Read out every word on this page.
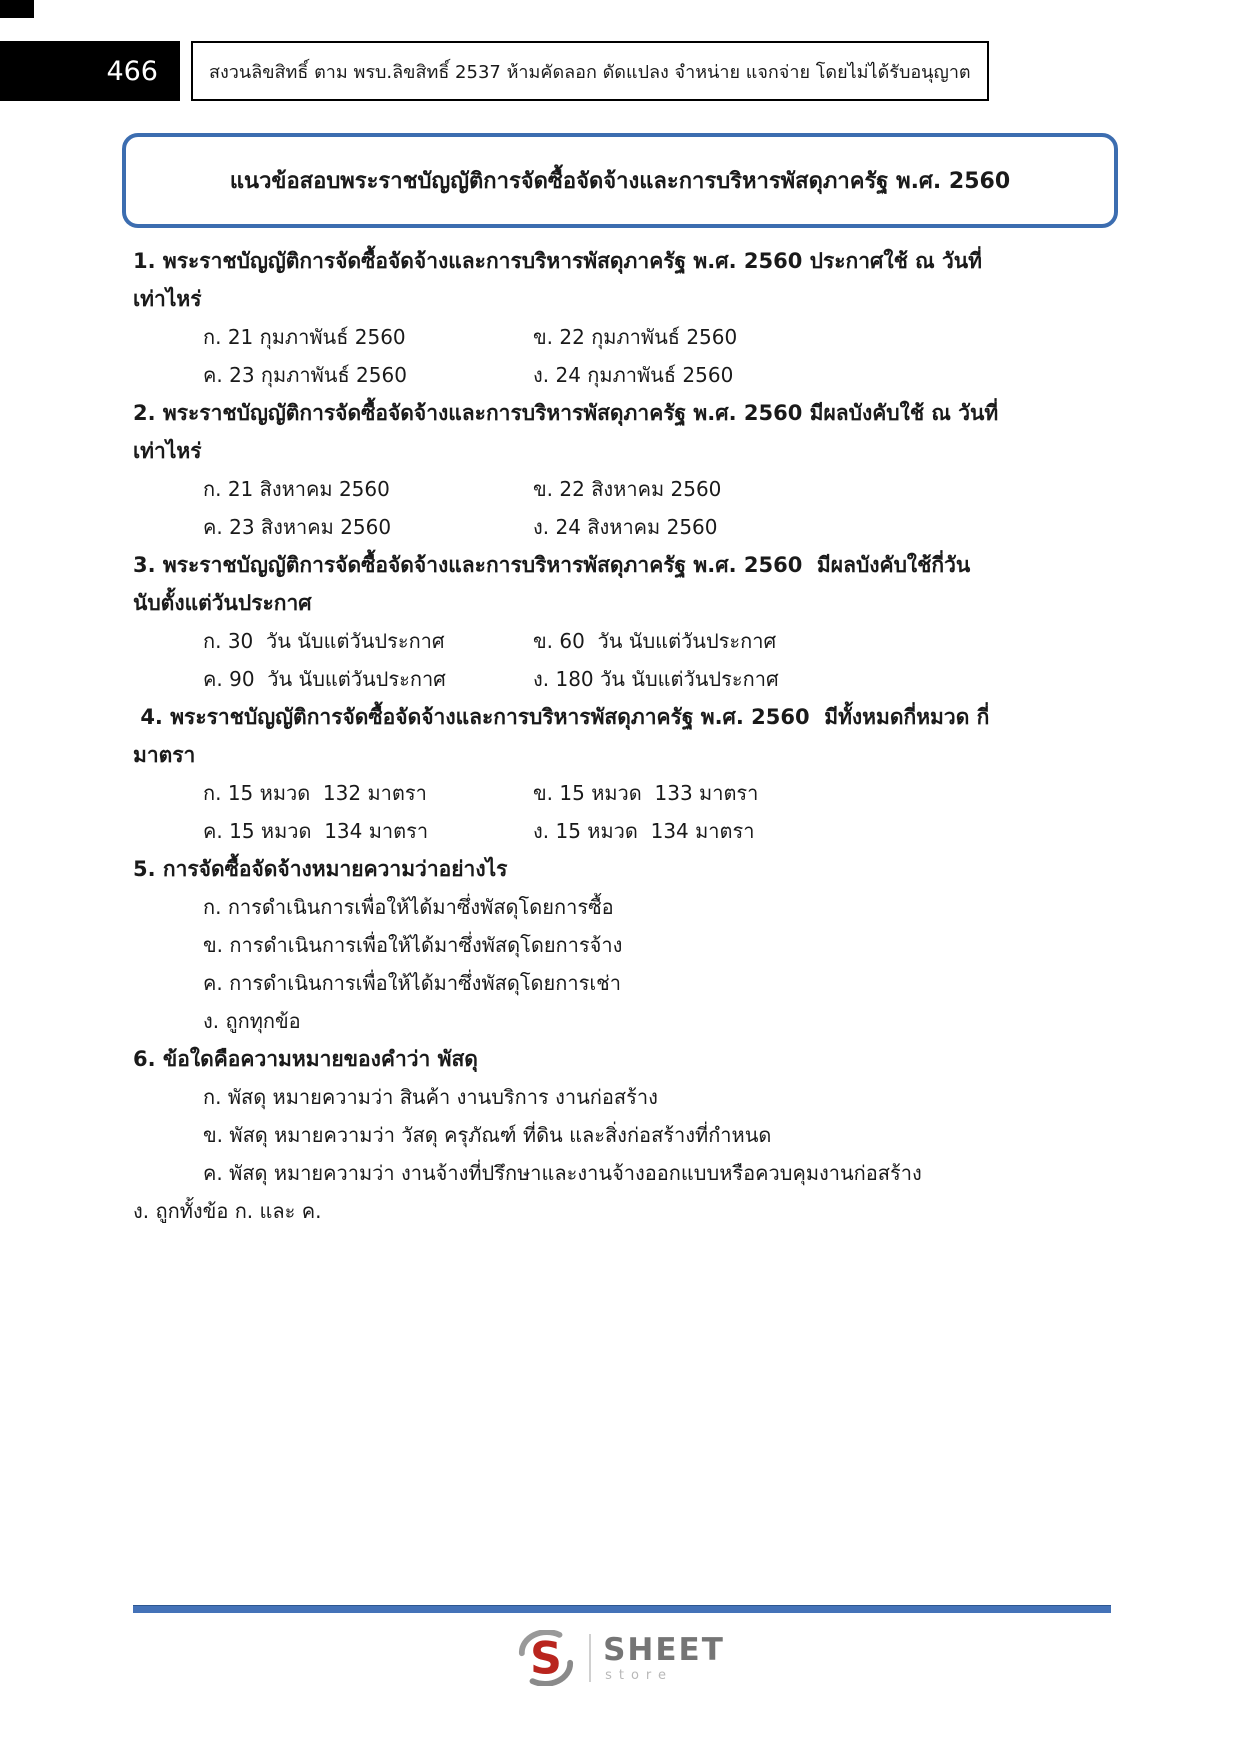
466	สงวนลิขสิทธิ์ ตาม พรบ.ลิขสิทธิ์ 2537 ห้ามคัดลอก ดัดแปลง จำหน่าย แจกจ่าย โดยไม่ได้รับอนุญาต
แนวข้อสอบพระราชบัญญัติการจัดซื้อจัดจ้างและการบริหารพัสดุภาครัฐ พ.ศ. 2560
1. พระราชบัญญัติการจัดซื้อจัดจ้างและการบริหารพัสดุภาครัฐ พ.ศ. 2560 ประกาศใช้ ณ วันที่
เท่าไหร่
ก. 21 กุมภาพันธ์ 2560	ข. 22 กุมภาพันธ์ 2560
ค. 23 กุมภาพันธ์ 2560	ง. 24 กุมภาพันธ์ 2560
2. พระราชบัญญัติการจัดซื้อจัดจ้างและการบริหารพัสดุภาครัฐ พ.ศ. 2560 มีผลบังคับใช้ ณ วันที่
เท่าไหร่
ก. 21 สิงหาคม 2560	ข. 22 สิงหาคม 2560
ค. 23 สิงหาคม 2560	ง. 24 สิงหาคม 2560
3. พระราชบัญญัติการจัดซื้อจัดจ้างและการบริหารพัสดุภาครัฐ พ.ศ. 2560  มีผลบังคับใช้กี่วัน
นับตั้งแต่วันประกาศ
ก. 30  วัน นับแต่วันประกาศ	ข. 60  วัน นับแต่วันประกาศ
ค. 90  วัน นับแต่วันประกาศ	ง. 180 วัน นับแต่วันประกาศ
4. พระราชบัญญัติการจัดซื้อจัดจ้างและการบริหารพัสดุภาครัฐ พ.ศ. 2560  มีทั้งหมดกี่หมวด กี่
มาตรา
ก. 15 หมวด  132 มาตรา	ข. 15 หมวด  133 มาตรา
ค. 15 หมวด  134 มาตรา	ง. 15 หมวด  134 มาตรา
5. การจัดซื้อจัดจ้างหมายความว่าอย่างไร
ก. การดำเนินการเพื่อให้ได้มาซึ่งพัสดุโดยการซื้อ
ข. การดำเนินการเพื่อให้ได้มาซึ่งพัสดุโดยการจ้าง
ค. การดำเนินการเพื่อให้ได้มาซึ่งพัสดุโดยการเช่า
ง. ถูกทุกข้อ
6. ข้อใดคือความหมายของคำว่า พัสดุ
ก. พัสดุ หมายความว่า สินค้า งานบริการ งานก่อสร้าง
ข. พัสดุ หมายความว่า วัสดุ ครุภัณฑ์ ที่ดิน และสิ่งก่อสร้างที่กำหนด
ค. พัสดุ หมายความว่า งานจ้างที่ปรึกษาและงานจ้างออกแบบหรือควบคุมงานก่อสร้าง
ง. ถูกทั้งข้อ ก. และ ค.
S SHEET
store
